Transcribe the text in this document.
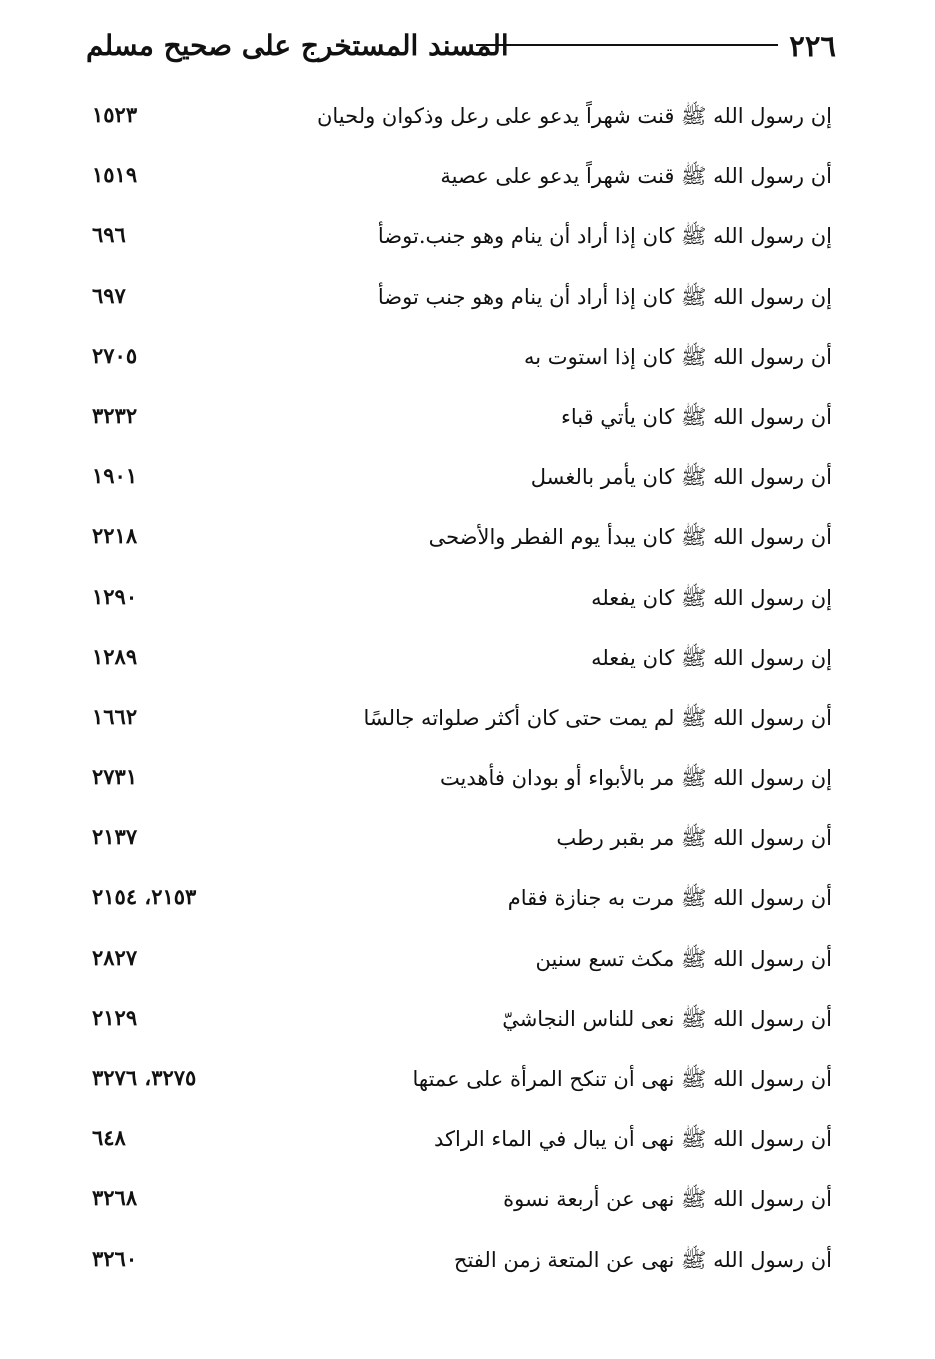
٢٢٦
المسند المستخرج على صحيح مسلم
إن رسول الله ﷺ قنت شهراً يدعو على رعل وذكوان ولحيان
١٥٢٣
أن رسول الله ﷺ قنت شهراً يدعو على عصية
١٥١٩
إن رسول الله ﷺ كان إذا أراد أن ينام وهو جنب.توضأ
٦٩٦
إن رسول الله ﷺ كان إذا أراد أن ينام وهو جنب توضأ
٦٩٧
أن رسول الله ﷺ كان إذا استوت به
٢٧٠٥
أن رسول الله ﷺ كان يأتي قباء
٣٢٣٢
أن رسول الله ﷺ كان يأمر بالغسل
١٩٠١
أن رسول الله ﷺ كان يبدأ يوم الفطر والأضحى
٢٢١٨
إن رسول الله ﷺ كان يفعله
١٢٩٠
إن رسول الله ﷺ كان يفعله
١٢٨٩
أن رسول الله ﷺ لم يمت حتى كان أكثر صلواته جالسًا
١٦٦٢
إن رسول الله ﷺ مر بالأبواء أو بودان فأهديت
٢٧٣١
أن رسول الله ﷺ مر بقبر رطب
٢١٣٧
أن رسول الله ﷺ مرت به جنازة فقام
٢١٥٣، ٢١٥٤
أن رسول الله ﷺ مكث تسع سنين
٢٨٢٧
أن رسول الله ﷺ نعى للناس النجاشيّ
٢١٢٩
أن رسول الله ﷺ نهى أن تنكح المرأة على عمتها
٣٢٧٥، ٣٢٧٦
أن رسول الله ﷺ نهى أن يبال في الماء الراكد
٦٤٨
أن رسول الله ﷺ نهى عن أربعة نسوة
٣٢٦٨
أن رسول الله ﷺ نهى عن المتعة زمن الفتح
٣٢٦٠
